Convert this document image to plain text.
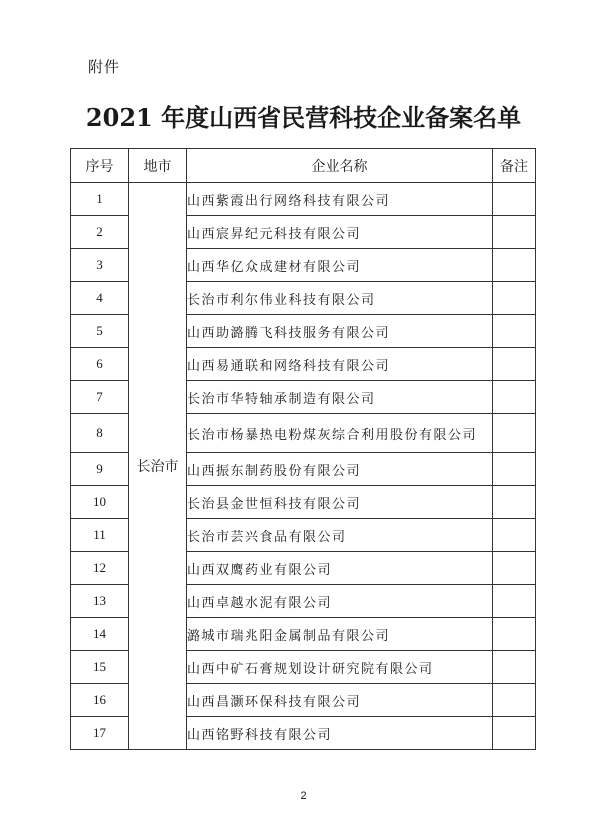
附件
2021 年度山西省民营科技企业备案名单
序号	地市	企业名称	备注
1	长治市	山西紫霞出行网络科技有限公司	
2		山西宸昇纪元科技有限公司	
3		山西华亿众成建材有限公司	
4		长治市利尔伟业科技有限公司	
5		山西助潞腾飞科技服务有限公司	
6		山西易通联和网络科技有限公司	
7		长治市华特轴承制造有限公司	
8		长治市杨暴热电粉煤灰综合利用股份有限公司	
9		山西振东制药股份有限公司	
10		长治县金世恒科技有限公司	
11		长治市芸兴食品有限公司	
12		山西双鹰药业有限公司	
13		山西卓越水泥有限公司	
14		潞城市瑞兆阳金属制品有限公司	
15		山西中矿石膏规划设计研究院有限公司	
16		山西昌灏环保科技有限公司	
17		山西铭野科技有限公司	
2
